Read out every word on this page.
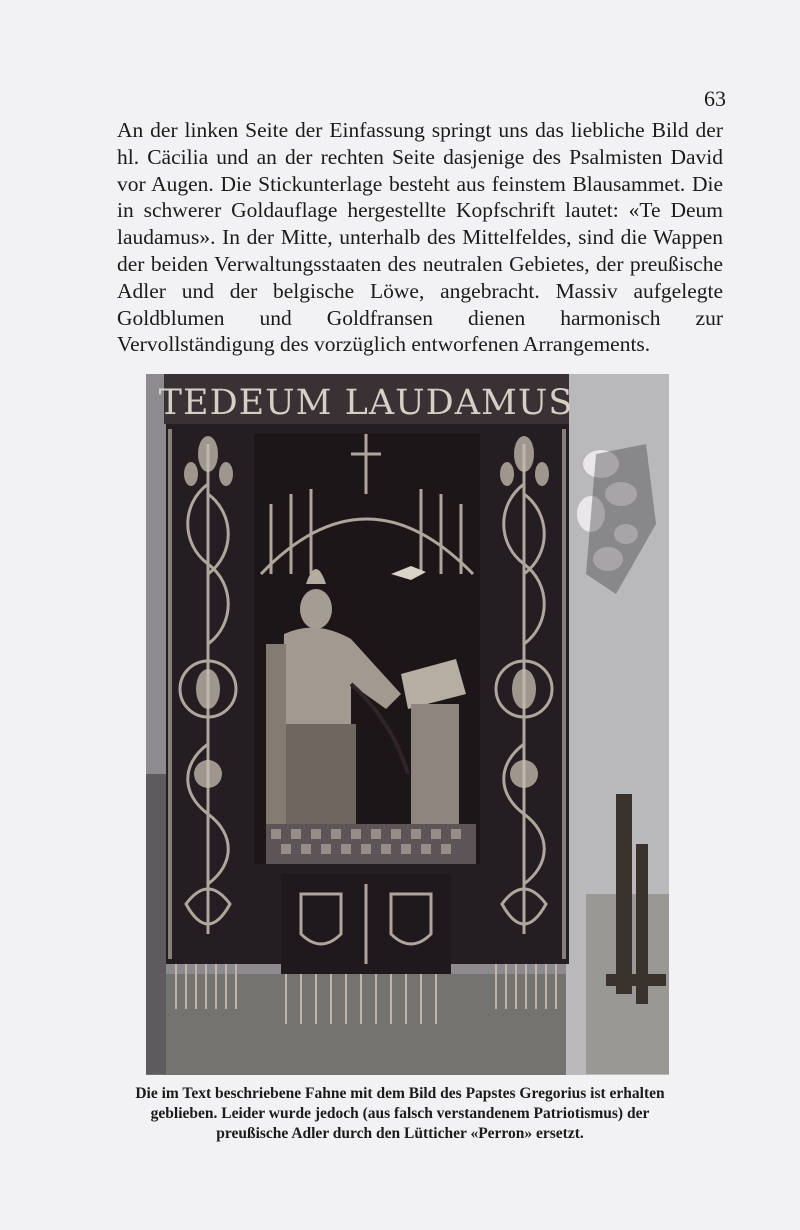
63

An der linken Seite der Einfassung springt uns das liebliche Bild der hl. Cäcilia und an der rechten Seite dasjenige des Psalmisten David vor Augen. Die Stickunterlage besteht aus feinstem Blausammet. Die in schwerer Goldauflage hergestellte Kopfschrift lautet: «Te Deum laudamus». In der Mitte, unterhalb des Mittelfeldes, sind die Wappen der beiden Verwaltungsstaaten des neutralen Gebietes, der preußische Adler und der belgische Löwe, angebracht. Massiv aufgelegte Goldblumen und Goldfransen dienen harmonisch zur Vervollständigung des vorzüglich entworfenen Arrangements.

TEDEUM LAUDAMUS

Die im Text beschriebene Fahne mit dem Bild des Papstes Gregorius ist erhalten
geblieben. Leider wurde jedoch (aus falsch verstandenem Patriotismus) der
preußische Adler durch den Lütticher «Perron» ersetzt.
